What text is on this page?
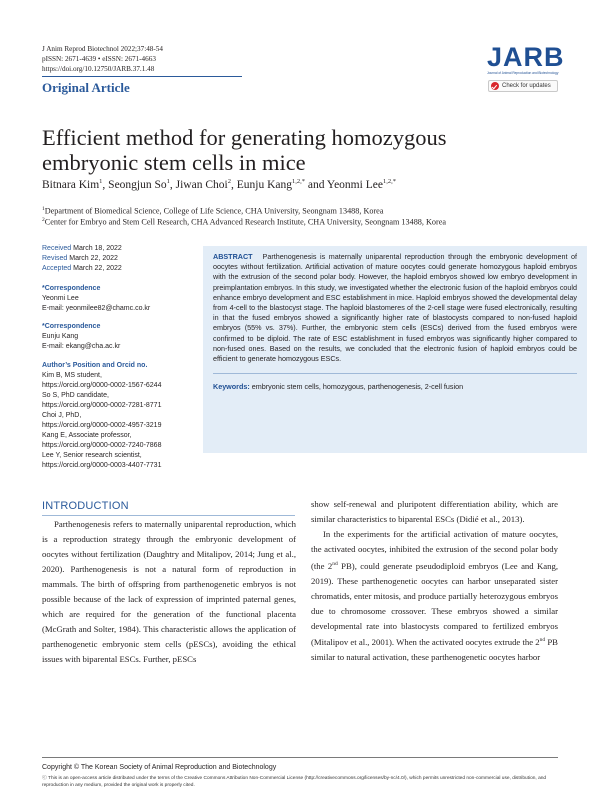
J Anim Reprod Biotechnol 2022;37:48-54
pISSN: 2671-4639 • eISSN: 2671-4663
https://doi.org/10.12750/JARB.37.1.48
Original Article
JARB
Journal of Animal Reproduction and Biotechnology
Check for updates
Efficient method for generating homozygous
embryonic stem cells in mice
Bitnara Kim$^1$, Seongjun So$^1$, Jiwan Choi$^2$, Eunju Kang$^{1,2,*}$ and Yeonmi Lee$^{1,2,*}$
$^1$Department of Biomedical Science, College of Life Science, CHA University, Seongnam 13488, Korea
$^2$Center for Embryo and Stem Cell Research, CHA Advanced Research Institute, CHA University, Seongnam 13488, Korea
Received March 18, 2022
Revised March 22, 2022
Accepted March 22, 2022
*Correspondence
Yeonmi Lee
E-mail: yeonmilee82@chamc.co.kr
*Correspondence
Eunju Kang
E-mail: ekang@cha.ac.kr
Author’s Position and Orcid no.
Kim B, MS student,
https://orcid.org/0000-0002-1567-6244
So S, PhD candidate,
https://orcid.org/0000-0002-7281-8771
Choi J, PhD,
https://orcid.org/0000-0002-4957-3219
Kang E, Associate professor,
https://orcid.org/0000-0002-7240-7868
Lee Y, Senior research scientist,
https://orcid.org/0000-0003-4407-7731
ABSTRACT Parthenogenesis is maternally uniparental reproduction through the embryonic development of oocytes without fertilization. Artificial activation of mature oocytes could generate homozygous haploid embryos with the extrusion of the second polar body. However, the haploid embryos showed low embryo development in preimplantation embryos. In this study, we investigated whether the electronic fusion of the haploid embryos could enhance embryo development and ESC establishment in mice. Haploid embryos showed the developmental delay from 4-cell to the blastocyst stage. The haploid blastomeres of the 2-cell stage were fused electronically, resulting in that the fused embryos showed a significantly higher rate of blastocysts compared to non-fused haploid embryos (55% vs. 37%). Further, the embryonic stem cells (ESCs) derived from the fused embryos were confirmed to be diploid. The rate of ESC establishment in fused embryos was significantly higher compared to non-fused ones. Based on the results, we concluded that the electronic fusion of haploid embryos could be efficient to generate homozygous ESCs.
Keywords: embryonic stem cells, homozygous, parthenogenesis, 2-cell fusion
INTRODUCTION

Parthenogenesis refers to maternally uniparental reproduction, which is a reproduction strategy through the embryonic development of oocytes without fertilization (Daughtry and Mitalipov, 2014; Jung et al., 2020). Parthenogenesis is not a natural form of reproduction in mammals. The birth of offspring from parthenogenetic embryos is not possible because of the lack of expression of imprinted paternal genes, which are required for the generation of the functional placenta (McGrath and Solter, 1984). This characteristic allows the application of parthenogenetic embryonic stem cells (pESCs), avoiding the ethical issues with biparental ESCs. Further, pESCs

show self-renewal and pluripotent differentiation ability, which are similar characteristics to biparental ESCs (Didié et al., 2013).

In the experiments for the artificial activation of mature oocytes, the activated oocytes, inhibited the extrusion of the second polar body (the 2nd PB), could generate pseudodiploid embryos (Lee and Kang, 2019). These parthenogenetic oocytes can harbor unseparated sister chromatids, enter mitosis, and produce partially heterozygous embryos due to chromosome crossover. These embryos showed a similar developmental rate into blastocysts compared to fertilized embryos (Mitalipov et al., 2001). When the activated oocytes extrude the 2nd PB similar to natural activation, these parthenogenetic oocytes harbor

Copyright © The Korean Society of Animal Reproduction and Biotechnology
ⓒ This is an open-access article distributed under the terms of the Creative Commons Attribution Non-Commercial License (http://creativecommons.org/licenses/by-nc/4.0/), which permits unrestricted non-commercial use, distribution, and reproduction in any medium, provided the original work is properly cited.
